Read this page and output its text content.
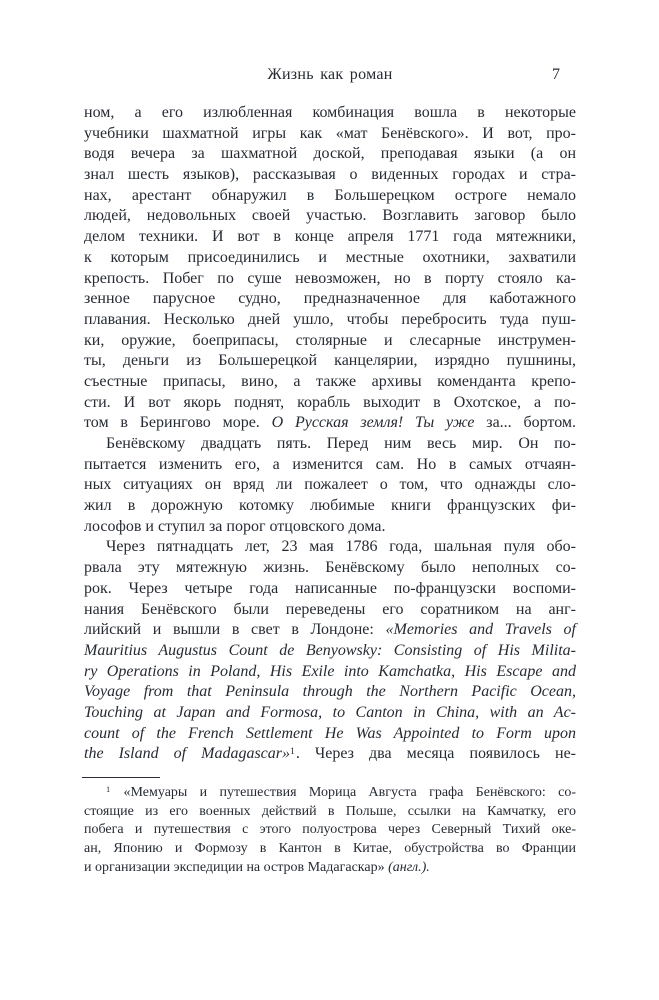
Жизнь как роман	7
ном, а его излюбленная комбинация вошла в некоторые
учебники шахматной игры как «мат Бенёвского». И вот, про-
водя вечера за шахматной доской, преподавая языки (а он
знал шесть языков), рассказывая о виденных городах и стра-
нах, арестант обнаружил в Большерецком остроге немало
людей, недовольных своей участью. Возглавить заговор было
делом техники. И вот в конце апреля 1771 года мятежники,
к которым присоединились и местные охотники, захватили
крепость. Побег по суше невозможен, но в порту стояло ка-
зенное парусное судно, предназначенное для каботажного
плавания. Несколько дней ушло, чтобы перебросить туда пуш-
ки, оружие, боеприпасы, столярные и слесарные инструмен-
ты, деньги из Большерецкой канцелярии, изрядно пушнины,
съестные припасы, вино, а также архивы коменданта крепо-
сти. И вот якорь поднят, корабль выходит в Охотское, а по-
том в Берингово море. О Русская земля! Ты уже за... бортом.
Бенёвскому двадцать пять. Перед ним весь мир. Он по-
пытается изменить его, а изменится сам. Но в самых отчаян-
ных ситуациях он вряд ли пожалеет о том, что однажды сло-
жил в дорожную котомку любимые книги французских фи-
лософов и ступил за порог отцовского дома.
Через пятнадцать лет, 23 мая 1786 года, шальная пуля обо-
рвала эту мятежную жизнь. Бенёвскому было неполных со-
рок. Через четыре года написанные по-французски воспоми-
нания Бенёвского были переведены его соратником на анг-
лийский и вышли в свет в Лондоне: «Memories and Travels of
Mauritius Augustus Count de Benyowsky: Consisting of His Milita-
ry Operations in Poland, His Exile into Kamchatka, His Escape and
Voyage from that Peninsula through the Northern Pacific Ocean,
Touching at Japan and Formosa, to Canton in China, with an Ac-
count of the French Settlement He Was Appointed to Form upon
the Island of Madagascar»$^1$. Через два месяца появилось не-
$^1$ «Мемуары и путешествия Морица Августа графа Бенёвского: со-
стоящие из его военных действий в Польше, ссылки на Камчатку, его
побега и путешествия с этого полуострова через Северный Тихий оке-
ан, Японию и Формозу в Кантон в Китае, обустройства во Франции
и организации экспедиции на остров Мадагаскар» (англ.).
